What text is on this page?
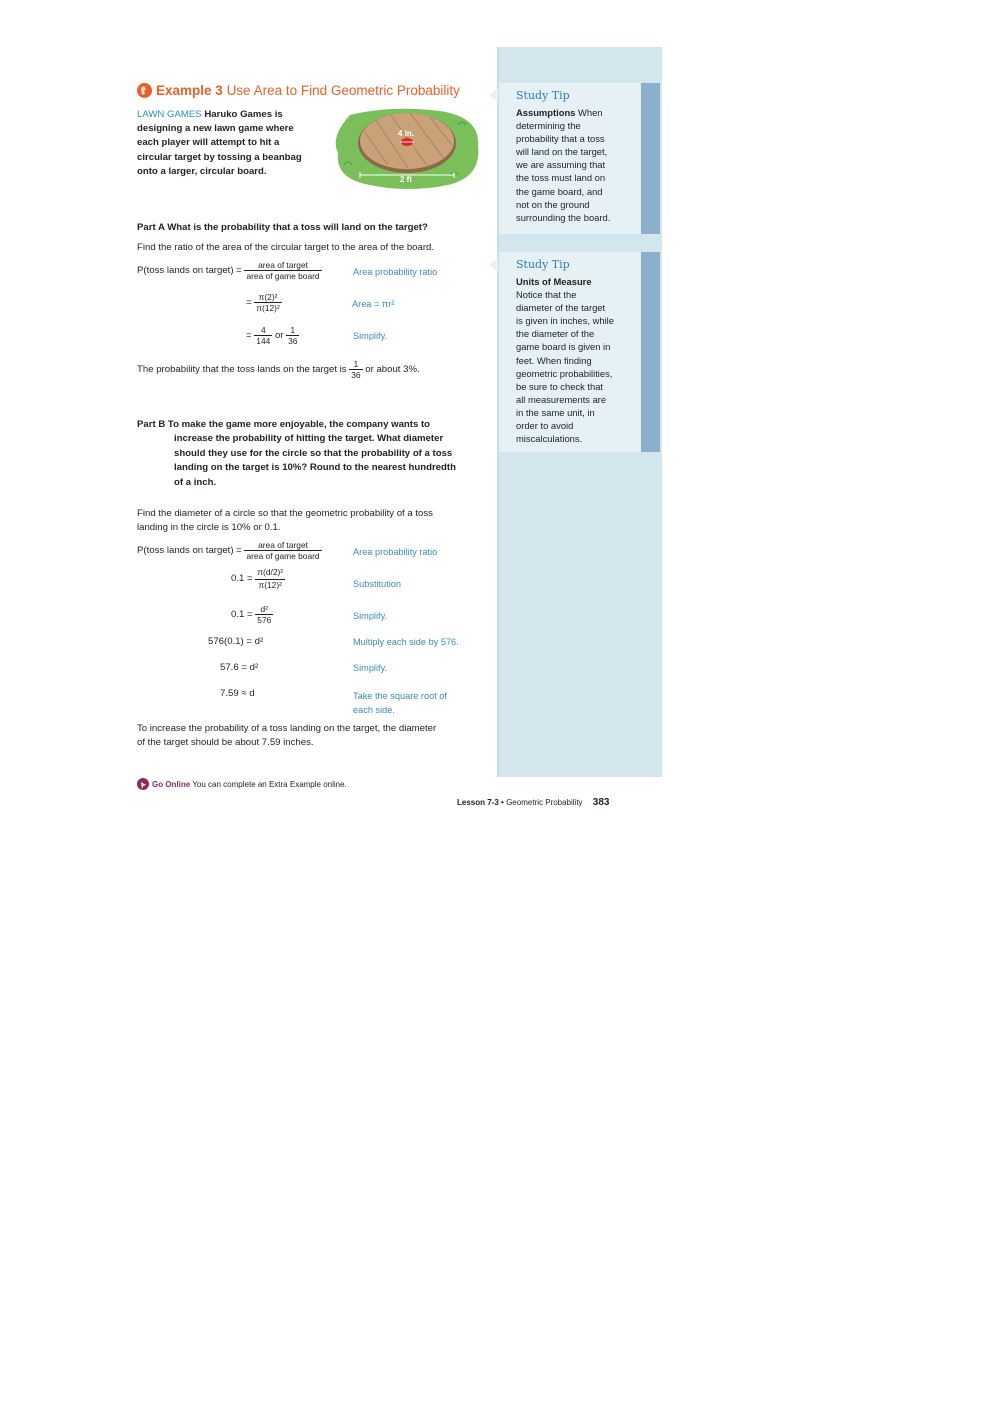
Study Tip
Assumptions When
determining the
probability that a toss
will land on the target,
we are assuming that
the toss must land on
the game board, and
not on the ground
surrounding the board.
Study Tip
Units of Measure
Notice that the
diameter of the target
is given in inches, while
the diameter of the
game board is given in
feet. When finding
geometric probabilities,
be sure to check that
all measurements are
in the same unit, in
order to avoid
miscalculations.
Example 3 Use Area to Find Geometric Probability
LAWN GAMES Haruko Games is
designing a new lawn game where
each player will attempt to hit a
circular target by tossing a beanbag
onto a larger, circular board.
4 in.
2 ft
Part A What is the probability that a toss will land on the target?
Find the ratio of the area of the circular target to the area of the board.
P(toss lands on target) = $\frac{\text{area of target}}{\text{area of game board}}$	Area probability ratio
= $\frac{\text{π(2)²}}{\text{π(12)²}}$	Area = πr²
= $\frac{4}{144}$ or $\frac{1}{36}$	Simplify.
The probability that the toss lands on the target is $\frac{1}{36}$ or about 3%.
Part B To make the game more enjoyable, the company wants to
increase the probability of hitting the target. What diameter
should they use for the circle so that the probability of a toss
landing on the target is 10%? Round to the nearest hundredth
of a inch.
Find the diameter of a circle so that the geometric probability of a toss
landing in the circle is 10% or 0.1.
P(toss lands on target) = $\frac{\text{area of target}}{\text{area of game board}}$	Area probability ratio
$0.1 = \frac{\text{π(d/2)²}}{\text{π(12)²}}$	Substitution
$0.1 = \frac{\text{d²}}{576}$	Simplify.
576(0.1) = d²	Multiply each side by 576.
57.6 = d²	Simplify.
7.59 ≈ d	Take the square root of
each side.
To increase the probability of a toss landing on the target, the diameter
of the target should be about 7.59 inches.
Go Online You can complete an Extra Example online.
Lesson 7-3 • Geometric Probability 383
